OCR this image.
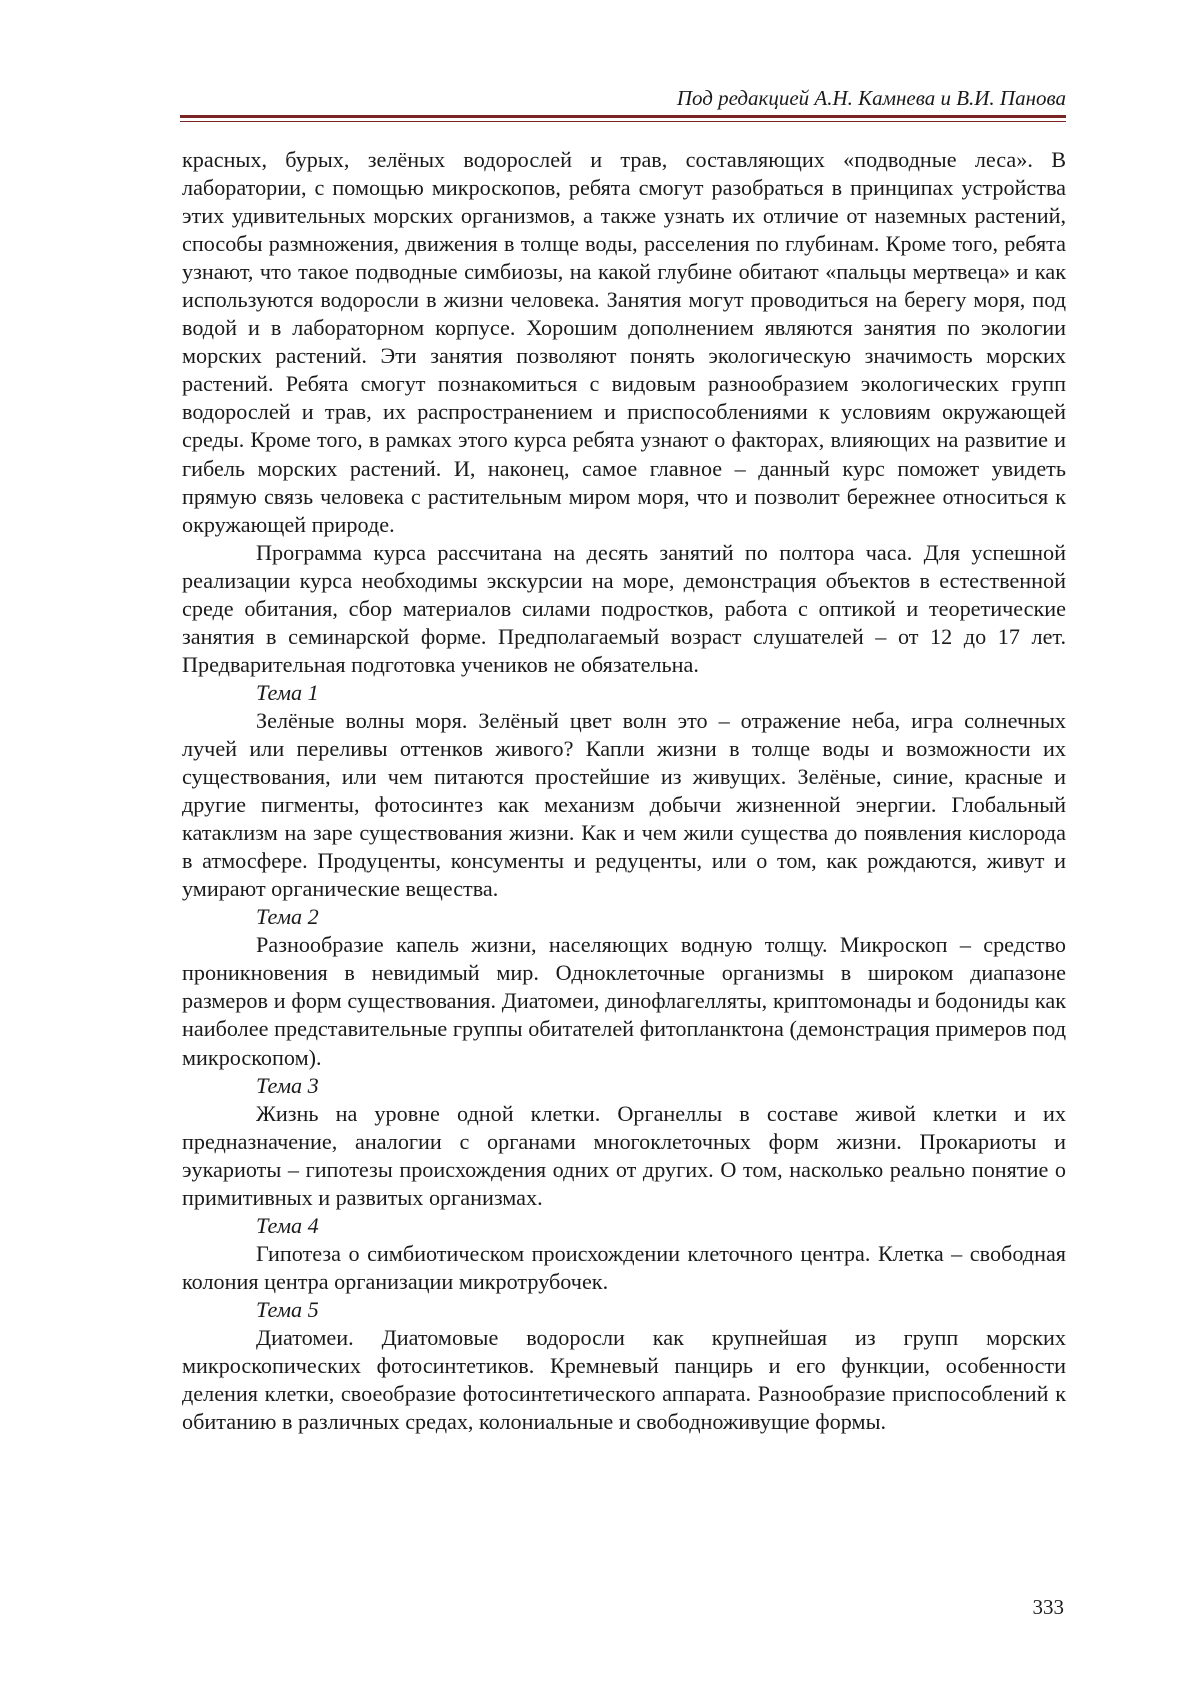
Под редакцией А.Н. Камнева и В.И. Панова

красных, бурых, зелёных водорослей и трав, составляющих «подводные леса». В лаборатории, с помощью микроскопов, ребята смогут разобраться в принципах устройства этих удивительных морских организмов, а также узнать их отличие от наземных растений, способы размножения, движения в толще воды, расселения по глубинам. Кроме того, ребята узнают, что такое подводные симбиозы, на какой глубине обитают «пальцы мертвеца» и как используются водоросли в жизни человека. Занятия могут проводиться на берегу моря, под водой и в лабораторном корпусе. Хорошим дополнением являются занятия по экологии морских растений. Эти занятия позволяют понять экологическую значимость морских растений. Ребята смогут познакомиться с видовым разнообразием экологических групп водорослей и трав, их распространением и приспособлениями к условиям окружающей среды. Кроме того, в рамках этого курса ребята узнают о факторах, влияющих на развитие и гибель морских растений. И, наконец, самое главное – данный курс поможет увидеть прямую связь человека с растительным миром моря, что и позволит бережнее относиться к окружающей природе.

Программа курса рассчитана на десять занятий по полтора часа. Для успешной реализации курса необходимы экскурсии на море, демонстрация объектов в естественной среде обитания, сбор материалов силами подростков, работа с оптикой и теоретические занятия в семинарской форме. Предполагаемый возраст слушателей – от 12 до 17 лет. Предварительная подготовка учеников не обязательна.

Тема 1

Зелёные волны моря. Зелёный цвет волн это – отражение неба, игра солнечных лучей или переливы оттенков живого? Капли жизни в толще воды и возможности их существования, или чем питаются простейшие из живущих. Зелёные, синие, красные и другие пигменты, фотосинтез как механизм добычи жизненной энергии. Глобальный катаклизм на заре существования жизни. Как и чем жили существа до появления кислорода в атмосфере. Продуценты, консументы и редуценты, или о том, как рождаются, живут и умирают органические вещества.

Тема 2

Разнообразие капель жизни, населяющих водную толщу. Микроскоп – средство проникновения в невидимый мир. Одноклеточные организмы в широком диапазоне размеров и форм существования. Диатомеи, динофлагелляты, криптомонады и бодониды как наиболее представительные группы обитателей фитопланктона (демонстрация примеров под микроскопом).

Тема 3

Жизнь на уровне одной клетки. Органеллы в составе живой клетки и их предназначение, аналогии с органами многоклеточных форм жизни. Прокариоты и эукариоты – гипотезы происхождения одних от других. О том, насколько реально понятие о примитивных и развитых организмах.

Тема 4

Гипотеза о симбиотическом происхождении клеточного центра. Клетка – свободная колония центра организации микротрубочек.

Тема 5

Диатомеи. Диатомовые водоросли как крупнейшая из групп морских микроскопических фотосинтетиков. Кремневый панцирь и его функции, особенности деления клетки, своеобразие фотосинтетического аппарата. Разнообразие приспособлений к обитанию в различных средах, колониальные и свободноживущие формы.

333
